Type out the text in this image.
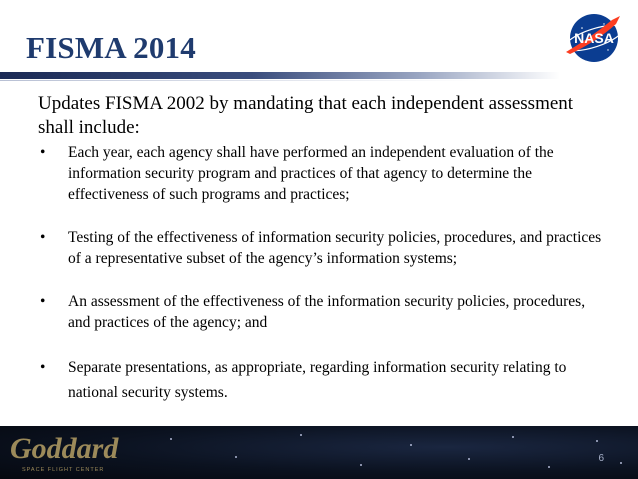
FISMA 2014	NASA
Updates FISMA 2002 by mandating that each independent assessment shall include:
• Each year, each agency shall have performed an independent evaluation of the information security program and practices of that agency to determine the effectiveness of such programs and practices;
• Testing of the effectiveness of information security policies, procedures, and practices of a representative subset of the agency’s information systems;
• An assessment of the effectiveness of the information security policies, procedures, and practices of the agency; and
• Separate presentations, as appropriate, regarding information security relating to national security systems.
Goddard
SPACE FLIGHT CENTER
6
